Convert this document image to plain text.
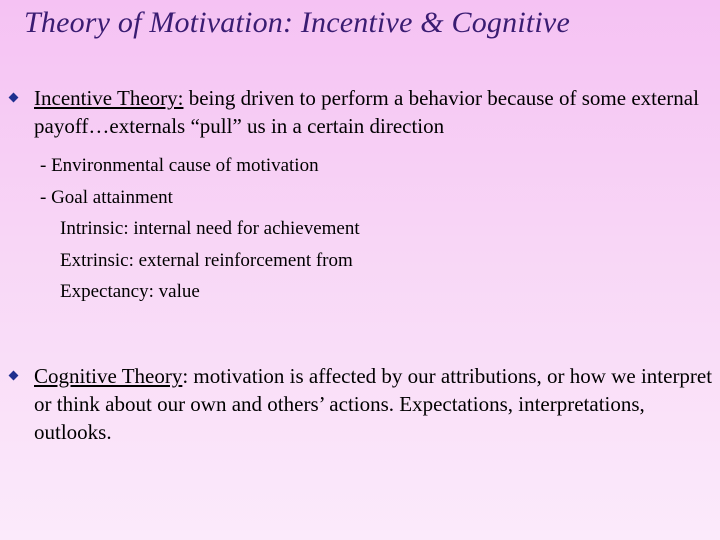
Theory of Motivation: Incentive & Cognitive
Incentive Theory: being driven to perform a behavior because of some external payoff…externals “pull” us in a certain direction
- Environmental cause of motivation
- Goal attainment
Intrinsic: internal need for achievement
Extrinsic: external reinforcement from
Expectancy: value
Cognitive Theory: motivation is affected by our attributions, or how we interpret or think about our own and others’ actions. Expectations, interpretations, outlooks.
